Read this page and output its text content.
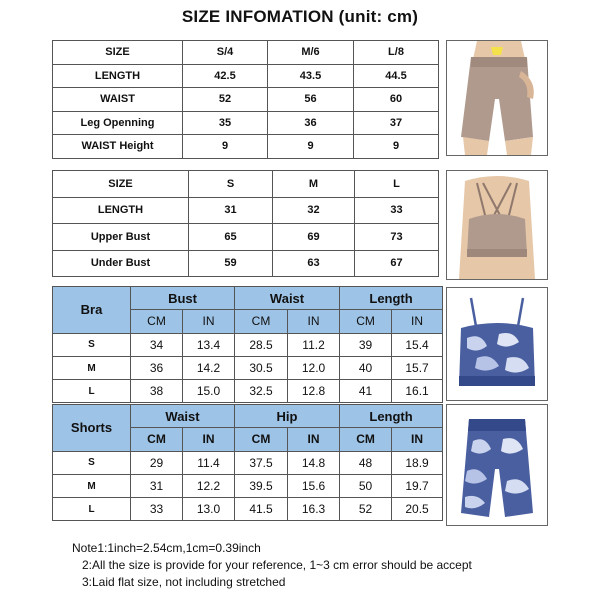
SIZE INFOMATION (unit: cm)
SIZE	S/4	M/6	L/8
LENGTH	42.5	43.5	44.5
WAIST	52	56	60
Leg Openning	35	36	37
WAIST Height	9	9	9
SIZE	S	M	L
LENGTH	31	32	33
Upper Bust	65	69	73
Under Bust	59	63	67
Bra	Bust		Waist		Length	
	CM	IN	CM	IN	CM	IN
S	34	13.4	28.5	11.2	39	15.4
M	36	14.2	30.5	12.0	40	15.7
L	38	15.0	32.5	12.8	41	16.1
Shorts	Waist		Hip		Length	
	CM	IN	CM	IN	CM	IN
S	29	11.4	37.5	14.8	48	18.9
M	31	12.2	39.5	15.6	50	19.7
L	33	13.0	41.5	16.3	52	20.5
Note1:1inch=2.54cm,1cm=0.39inch
2:All the size is provide for your reference, 1~3 cm error should be accept
3:Laid flat size, not including stretched
